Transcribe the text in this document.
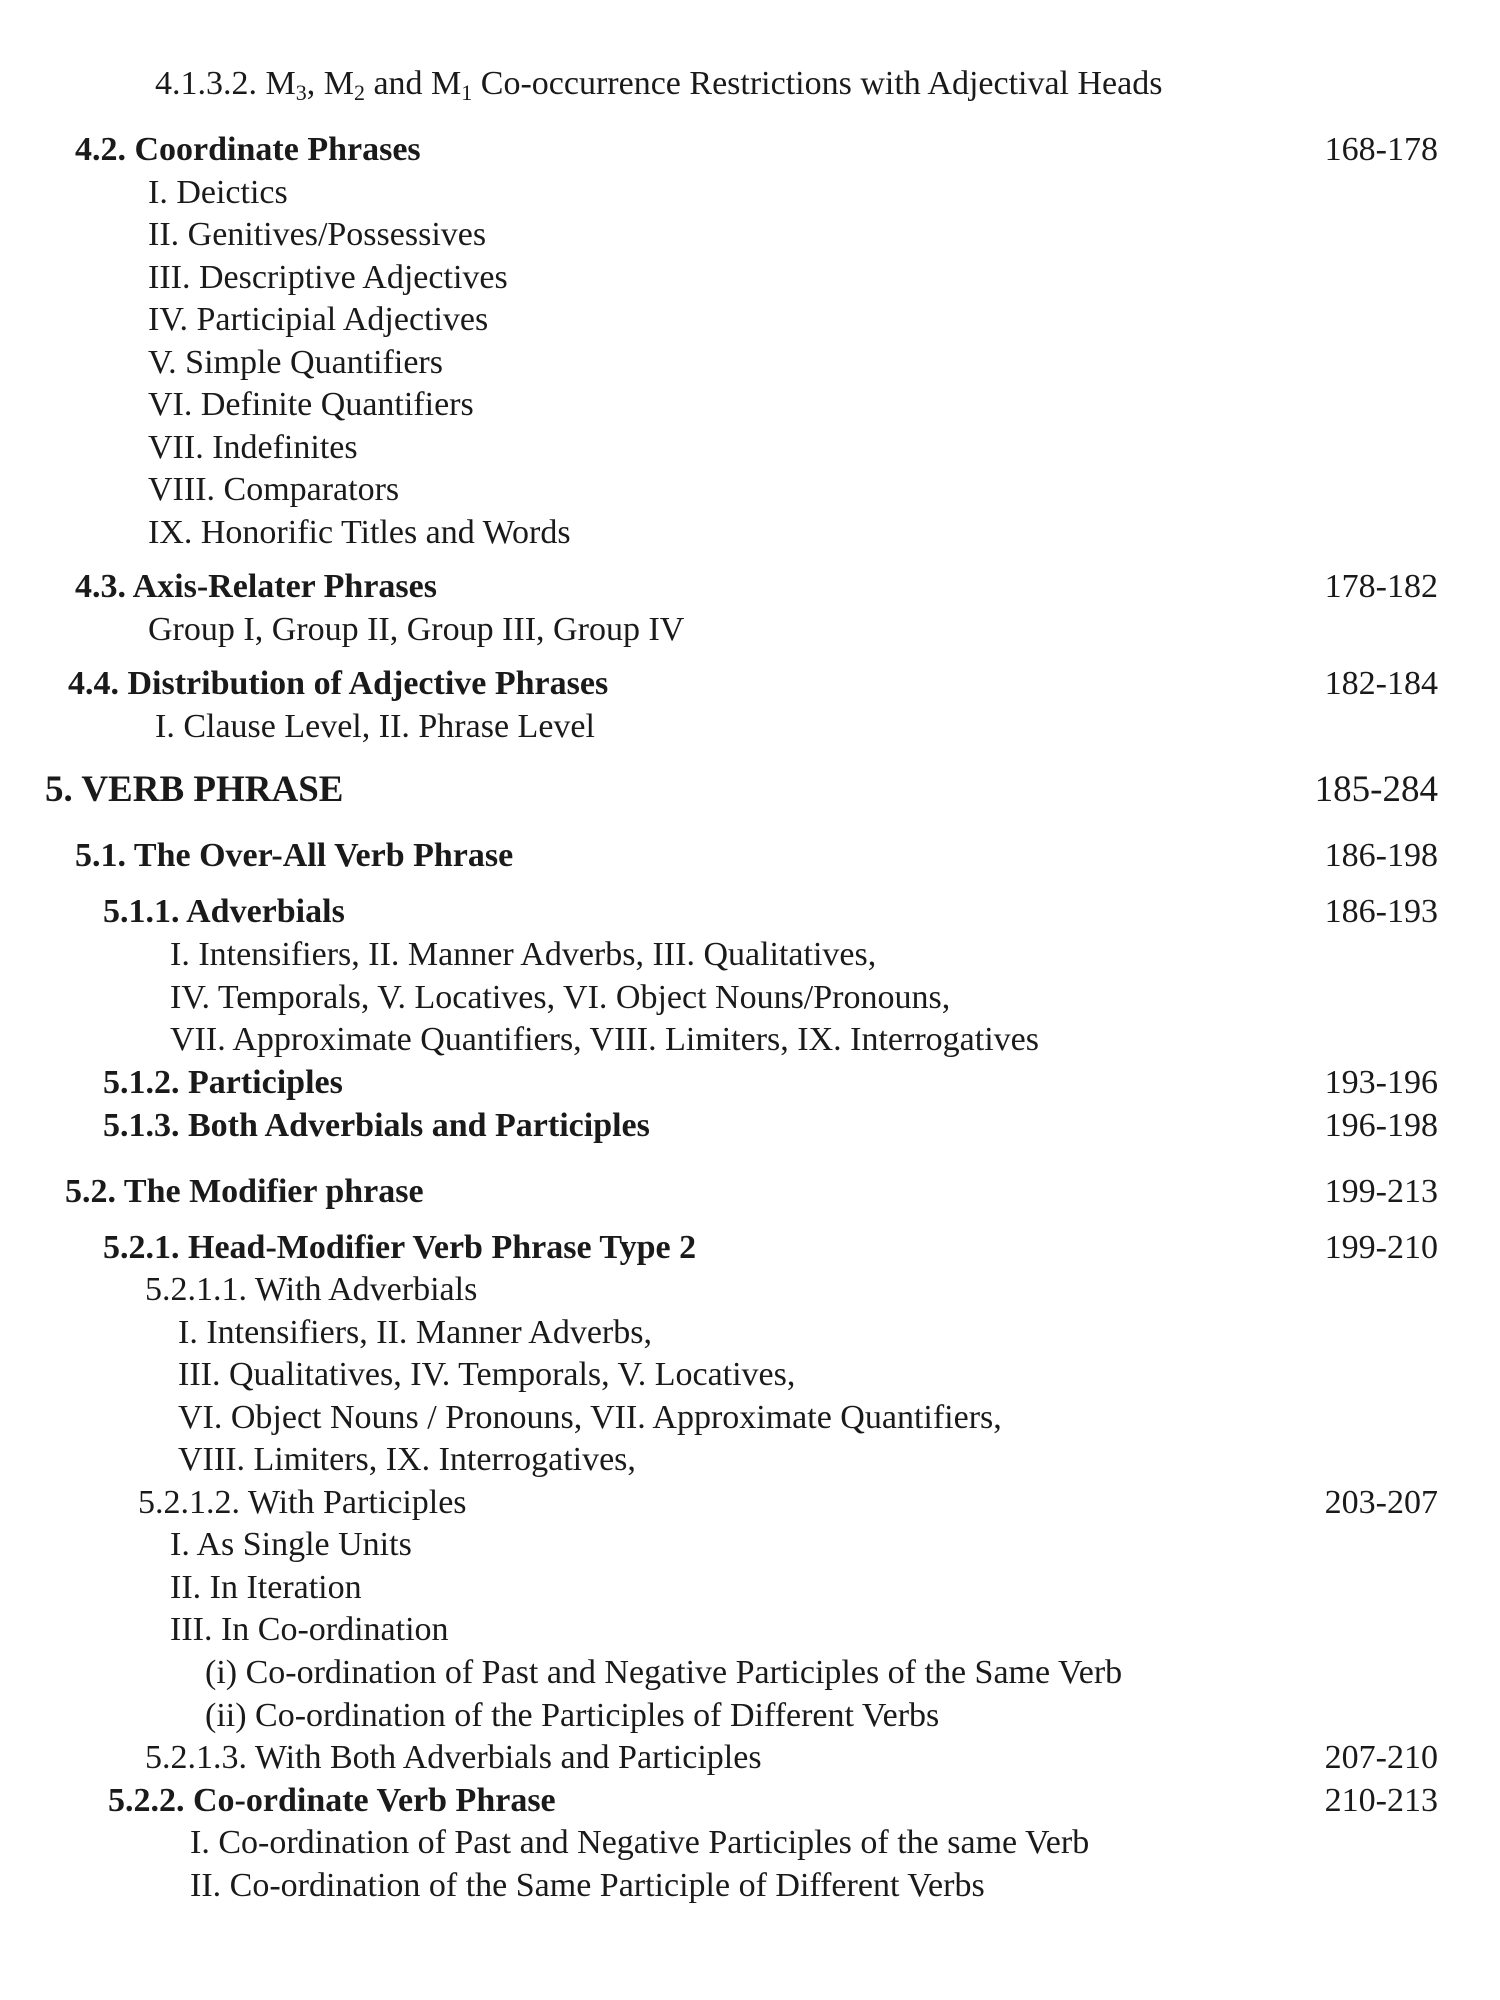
4.1.3.2. $M_3$, $M_2$ and $M_1$ Co-occurrence Restrictions with Adjectival Heads
4.2. Coordinate Phrases	168-178
I. Deictics
II. Genitives/Possessives
III. Descriptive Adjectives
IV. Participial Adjectives
V. Simple Quantifiers
VI. Definite Quantifiers
VII. Indefinites
VIII. Comparators
IX. Honorific Titles and Words
4.3. Axis-Relater Phrases	178-182
Group I, Group II, Group III, Group IV
4.4. Distribution of Adjective Phrases	182-184
I. Clause Level, II. Phrase Level
5. VERB PHRASE	185-284
5.1. The Over-All Verb Phrase	186-198
5.1.1. Adverbials	186-193
I. Intensifiers, II. Manner Adverbs, III. Qualitatives,
IV. Temporals, V. Locatives, VI. Object Nouns/Pronouns,
VII. Approximate Quantifiers, VIII. Limiters, IX. Interrogatives
5.1.2. Participles	193-196
5.1.3. Both Adverbials and Participles	196-198
5.2. The Modifier phrase	199-213
5.2.1. Head-Modifier Verb Phrase Type 2	199-210
5.2.1.1. With Adverbials
I. Intensifiers, II. Manner Adverbs,
III. Qualitatives, IV. Temporals, V. Locatives,
VI. Object Nouns / Pronouns, VII. Approximate Quantifiers,
VIII. Limiters, IX. Interrogatives,
5.2.1.2. With Participles	203-207
I. As Single Units
II. In Iteration
III. In Co-ordination
(i) Co-ordination of Past and Negative Participles of the Same Verb
(ii) Co-ordination of the Participles of Different Verbs
5.2.1.3. With Both Adverbials and Participles	207-210
5.2.2. Co-ordinate Verb Phrase	210-213
I. Co-ordination of Past and Negative Participles of the same Verb
II. Co-ordination of the Same Participle of Different Verbs
